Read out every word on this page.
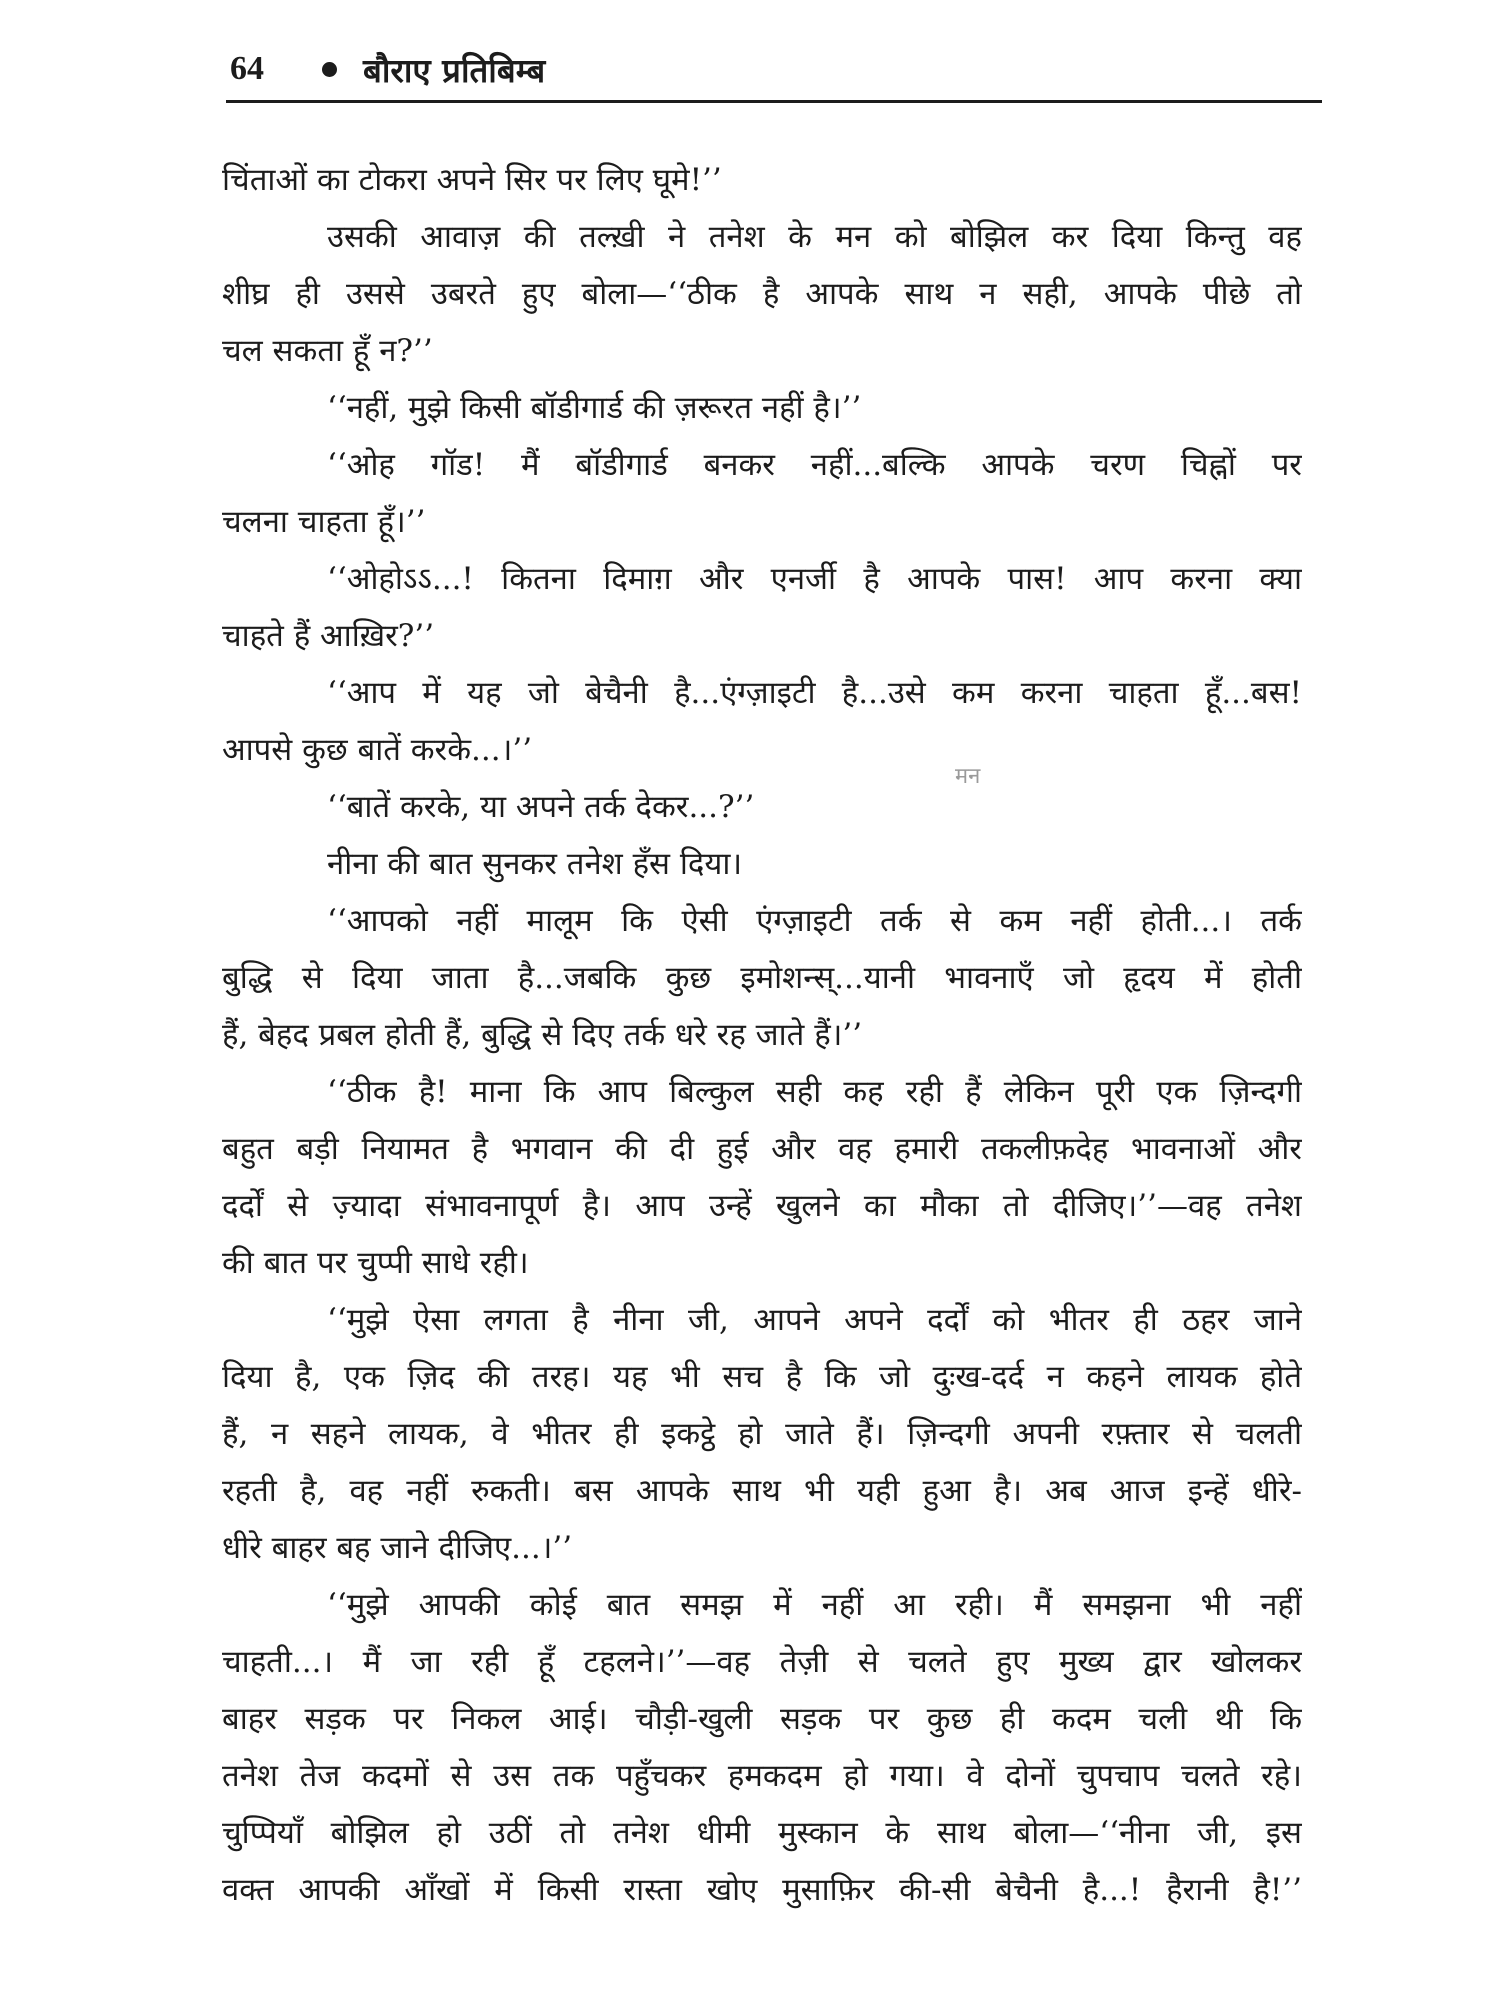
64	बौराए प्रतिबिम्ब
चिंताओं का टोकरा अपने सिर पर लिए घूमे!’’
उसकी आवाज़ की तल्ख़ी ने तनेश के मन को बोझिल कर दिया किन्तु वह
शीघ्र ही उससे उबरते हुए बोला—‘‘ठीक है आपके साथ न सही, आपके पीछे तो
चल सकता हूँ न?’’
‘‘नहीं, मुझे किसी बॉडीगार्ड की ज़रूरत नहीं है।’’
‘‘ओह गॉड! मैं बॉडीगार्ड बनकर नहीं...बल्कि आपके चरण चिह्नों पर
चलना चाहता हूँ।’’
‘‘ओहोऽऽ...! कितना दिमाग़ और एनर्जी है आपके पास! आप करना क्या
चाहते हैं आख़िर?’’
‘‘आप में यह जो बेचैनी है...एंग्ज़ाइटी है...उसे कम करना चाहता हूँ...बस!
आपसे कुछ बातें करके...।’’
‘‘बातें करके, या अपने तर्क देकर...?’’
नीना की बात सुनकर तनेश हँस दिया।
‘‘आपको नहीं मालूम कि ऐसी एंग्ज़ाइटी तर्क से कम नहीं होती...। तर्क
बुद्धि से दिया जाता है...जबकि कुछ इमोशन्स्...यानी भावनाएँ जो हृदय में होती
हैं, बेहद प्रबल होती हैं, बुद्धि से दिए तर्क धरे रह जाते हैं।’’
‘‘ठीक है! माना कि आप बिल्कुल सही कह रही हैं लेकिन पूरी एक ज़िन्दगी
बहुत बड़ी नियामत है भगवान की दी हुई और वह हमारी तकलीफ़देह भावनाओं और
दर्दों से ज़्यादा संभावनापूर्ण है। आप उन्हें खुलने का मौका तो दीजिए।’’—वह तनेश
की बात पर चुप्पी साधे रही।
‘‘मुझे ऐसा लगता है नीना जी, आपने अपने दर्दों को भीतर ही ठहर जाने
दिया है, एक ज़िद की तरह। यह भी सच है कि जो दुःख-दर्द न कहने लायक होते
हैं, न सहने लायक, वे भीतर ही इकट्ठे हो जाते हैं। ज़िन्दगी अपनी रफ़्तार से चलती
रहती है, वह नहीं रुकती। बस आपके साथ भी यही हुआ है। अब आज इन्हें धीरे-
धीरे बाहर बह जाने दीजिए...।’’
‘‘मुझे आपकी कोई बात समझ में नहीं आ रही। मैं समझना भी नहीं
चाहती...। मैं जा रही हूँ टहलने।’’—वह तेज़ी से चलते हुए मुख्य द्वार खोलकर
बाहर सड़क पर निकल आई। चौड़ी-खुली सड़क पर कुछ ही कदम चली थी कि
तनेश तेज कदमों से उस तक पहुँचकर हमकदम हो गया। वे दोनों चुपचाप चलते रहे।
चुप्पियाँ बोझिल हो उठीं तो तनेश धीमी मुस्कान के साथ बोला—‘‘नीना जी, इस
वक्त आपकी आँखों में किसी रास्ता खोए मुसाफ़िर की-सी बेचैनी है...! हैरानी है!’’
मन
